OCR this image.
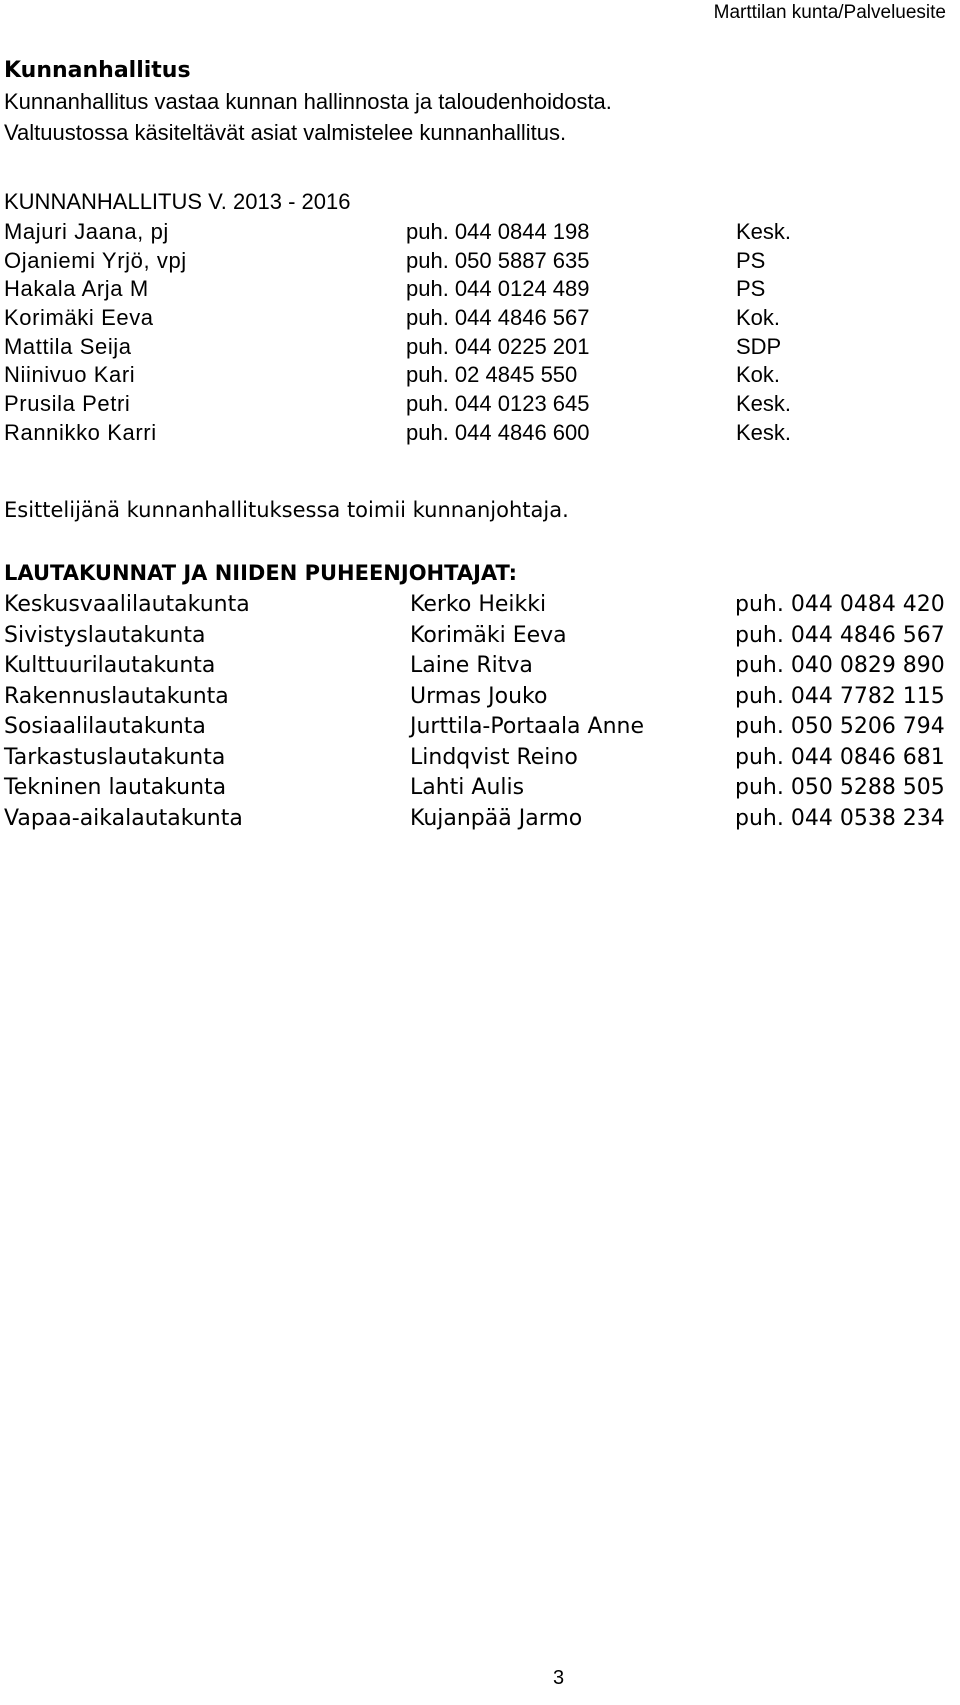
Marttilan kunta/Palveluesite
Kunnanhallitus
Kunnanhallitus vastaa kunnan hallinnosta ja taloudenhoidosta.
Valtuustossa käsiteltävät asiat valmistelee kunnanhallitus.
KUNNANHALLITUS V. 2013 - 2016
Majuri Jaana, pj	puh. 044 0844 198	Kesk.
Ojaniemi Yrjö, vpj	puh. 050 5887 635	PS
Hakala Arja M	puh. 044 0124 489	PS
Korimäki Eeva	puh. 044 4846 567	Kok.
Mattila Seija	puh. 044 0225 201	SDP
Niinivuo Kari	puh. 02 4845 550	Kok.
Prusila Petri	puh. 044 0123 645	Kesk.
Rannikko Karri	puh. 044 4846 600	Kesk.
Esittelijänä kunnanhallituksessa toimii kunnanjohtaja.
LAUTAKUNNAT JA NIIDEN PUHEENJOHTAJAT:
Keskusvaalilautakunta	Kerko Heikki	puh. 044 0484 420
Sivistyslautakunta	Korimäki Eeva	puh. 044 4846 567
Kulttuurilautakunta	Laine Ritva	puh. 040 0829 890
Rakennuslautakunta	Urmas Jouko	puh. 044 7782 115
Sosiaalilautakunta	Jurttila-Portaala Anne	puh. 050 5206 794
Tarkastuslautakunta	Lindqvist Reino	puh. 044 0846 681
Tekninen lautakunta	Lahti Aulis	puh. 050 5288 505
Vapaa-aikalautakunta	Kujanpää Jarmo	puh. 044 0538 234
3
